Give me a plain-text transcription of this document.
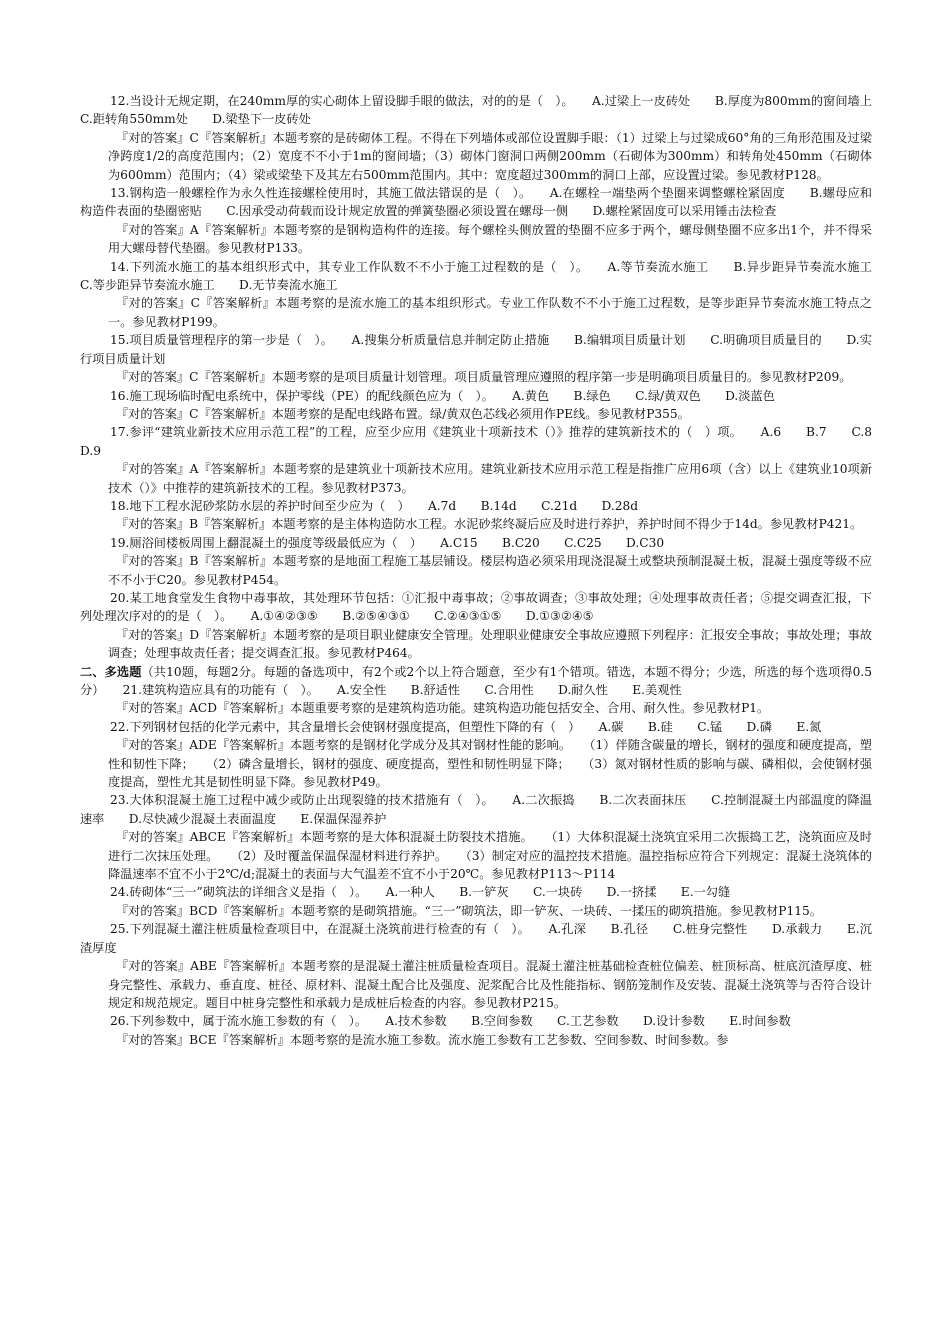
12.当设计无规定期，在240mm厚的实心砌体上留设脚手眼的做法，对的的是（　）。　　A.过梁上一皮砖处　　B.厚度为800mm的窗间墙上　　C.距转角550mm处　　D.梁垫下一皮砖处

『对的答案』C『答案解析』本题考察的是砖砌体工程。不得在下列墙体或部位设置脚手眼：（1）过梁上与过梁成60°角的三角形范围及过梁净跨度1/2的高度范围内；（2）宽度不不小于1m的窗间墙；（3）砌体门窗洞口两侧200mm（石砌体为300mm）和转角处450mm（石砌体为600mm）范围内；（4）梁或梁垫下及其左右500mm范围内。其中：宽度超过300mm的洞口上部，应设置过梁。参见教材P128。

13.钢构造一般螺栓作为永久性连接螺栓使用时，其施工做法错误的是（　）。　　A.在螺栓一端垫两个垫圈来调整螺栓紧固度　　B.螺母应和构造件表面的垫圈密贴　　C.因承受动荷载而设计规定放置的弹簧垫圈必须设置在螺母一侧　　D.螺栓紧固度可以采用锤击法检查

『对的答案』A『答案解析』本题考察的是钢构造构件的连接。每个螺栓头侧放置的垫圈不应多于两个，螺母侧垫圈不应多出1个，并不得采用大螺母替代垫圈。参见教材P133。

14.下列流水施工的基本组织形式中，其专业工作队数不不小于施工过程数的是（　）。　　A.等节奏流水施工　　B.异步距异节奏流水施工　　C.等步距异节奏流水施工　　D.无节奏流水施工

『对的答案』C『答案解析』本题考察的是流水施工的基本组织形式。专业工作队数不不小于施工过程数，是等步距异节奏流水施工特点之一。参见教材P199。

15.项目质量管理程序的第一步是（　）。　　A.搜集分析质量信息并制定防止措施　　B.编辑项目质量计划　　C.明确项目质量目的　　D.实行项目质量计划

『对的答案』C『答案解析』本题考察的是项目质量计划管理。项目质量管理应遵照的程序第一步是明确项目质量目的。参见教材P209。

16.施工现场临时配电系统中，保护零线（PE）的配线颜色应为（　）。　　A.黄色　　B.绿色　　C.绿/黄双色　　D.淡蓝色

『对的答案』C『答案解析』本题考察的是配电线路布置。绿/黄双色芯线必须用作PE线。参见教材P355。

17.参评“建筑业新技术应用示范工程”的工程，应至少应用《建筑业十项新技术（）》推荐的建筑新技术的（　）项。　　A.6　　B.7　　C.8　　D.9

『对的答案』A『答案解析』本题考察的是建筑业十项新技术应用。建筑业新技术应用示范工程是指推广应用6项（含）以上《建筑业10项新技术（）》中推荐的建筑新技术的工程。参见教材P373。

18.地下工程水泥砂浆防水层的养护时间至少应为（　）　　A.7d　　B.14d　　C.21d　　D.28d

『对的答案』B『答案解析』本题考察的是主体构造防水工程。水泥砂浆终凝后应及时进行养护，养护时间不得少于14d。参见教材P421。

19.厕浴间楼板周围上翻混凝土的强度等级最低应为（　）　　A.C15　　B.C20　　C.C25　　D.C30

『对的答案』B『答案解析』本题考察的是地面工程施工基层铺设。楼层构造必须采用现浇混凝土或整块预制混凝土板，混凝土强度等级不应不不小于C20。参见教材P454。

20.某工地食堂发生食物中毒事故，其处理环节包括：①汇报中毒事故；②事故调查；③事故处理；④处理事故责任者；⑤提交调查汇报，下列处理次序对的的是（　）。　　A.①④②③⑤　　B.②⑤④③①　　C.②④③①⑤　　D.①③②④⑤

『对的答案』D『答案解析』本题考察的是项目职业健康安全管理。处理职业健康安全事故应遵照下列程序：汇报安全事故；事故处理；事故调查；处理事故责任者；提交调查汇报。参见教材P464。

二、多选题（共10题，每题2分。每题的备选项中，有2个或2个以上符合题意，至少有1个错项。错选，本题不得分；少选，所选的每个选项得0.5分）　　21.建筑构造应具有的功能有（　）。　　A.安全性　　B.舒适性　　C.合用性　　D.耐久性　　E.美观性

『对的答案』ACD『答案解析』本题重要考察的是建筑构造功能。建筑构造功能包括安全、合用、耐久性。参见教材P1。

22.下列钢材包括的化学元素中，其含量增长会使钢材强度提高，但塑性下降的有（　）　　A.碳　　B.硅　　C.锰　　D.磷　　E.氮

『对的答案』ADE『答案解析』本题考察的是钢材化学成分及其对钢材性能的影响。　　（1）伴随含碳量的增长，钢材的强度和硬度提高，塑性和韧性下降；　　（2）磷含量增长，钢材的强度、硬度提高，塑性和韧性明显下降；　　（3）氮对钢材性质的影响与碳、磷相似，会使钢材强度提高，塑性尤其是韧性明显下降。参见教材P49。

23.大体积混凝土施工过程中减少或防止出现裂缝的技术措施有（　）。　　A.二次振捣　　B.二次表面抹压　　C.控制混凝土内部温度的降温速率　　D.尽快减少混凝土表面温度　　E.保温保湿养护

『对的答案』ABCE『答案解析』本题考察的是大体积混凝土防裂技术措施。　　（1）大体积混凝土浇筑宜采用二次振捣工艺，浇筑面应及时进行二次抹压处理。　　（2）及时覆盖保温保湿材料进行养护。　　（3）制定对应的温控技术措施。温控指标应符合下列规定：混凝土浇筑体的降温速率不宜不小于2℃/d;混凝土的表面与大气温差不宜不小于20℃。参见教材P113～P114

24.砖砌体“三一”砌筑法的详细含义是指（　）。　　A.一种人　　B.一铲灰　　C.一块砖　　D.一挤揉　　E.一勾缝

『对的答案』BCD『答案解析』本题考察的是砌筑措施。“三一”砌筑法，即一铲灰、一块砖、一揉压的砌筑措施。参见教材P115。

25.下列混凝土灌注桩质量检查项目中，在混凝土浇筑前进行检查的有（　）。　　A.孔深　　B.孔径　　C.桩身完整性　　D.承载力　　E.沉渣厚度

『对的答案』ABE『答案解析』本题考察的是混凝土灌注桩质量检查项目。混凝土灌注桩基础检查桩位偏差、桩顶标高、桩底沉渣厚度、桩身完整性、承载力、垂直度、桩径、原材料、混凝土配合比及强度、泥浆配合比及性能指标、钢筋笼制作及安装、混凝土浇筑等与否符合设计规定和规范规定。题目中桩身完整性和承载力是成桩后检查的内容。参见教材P215。

26.下列参数中，属于流水施工参数的有（　）。　　A.技术参数　　B.空间参数　　C.工艺参数　　D.设计参数　　E.时间参数

『对的答案』BCE『答案解析』本题考察的是流水施工参数。流水施工参数有工艺参数、空间参数、时间参数。参
